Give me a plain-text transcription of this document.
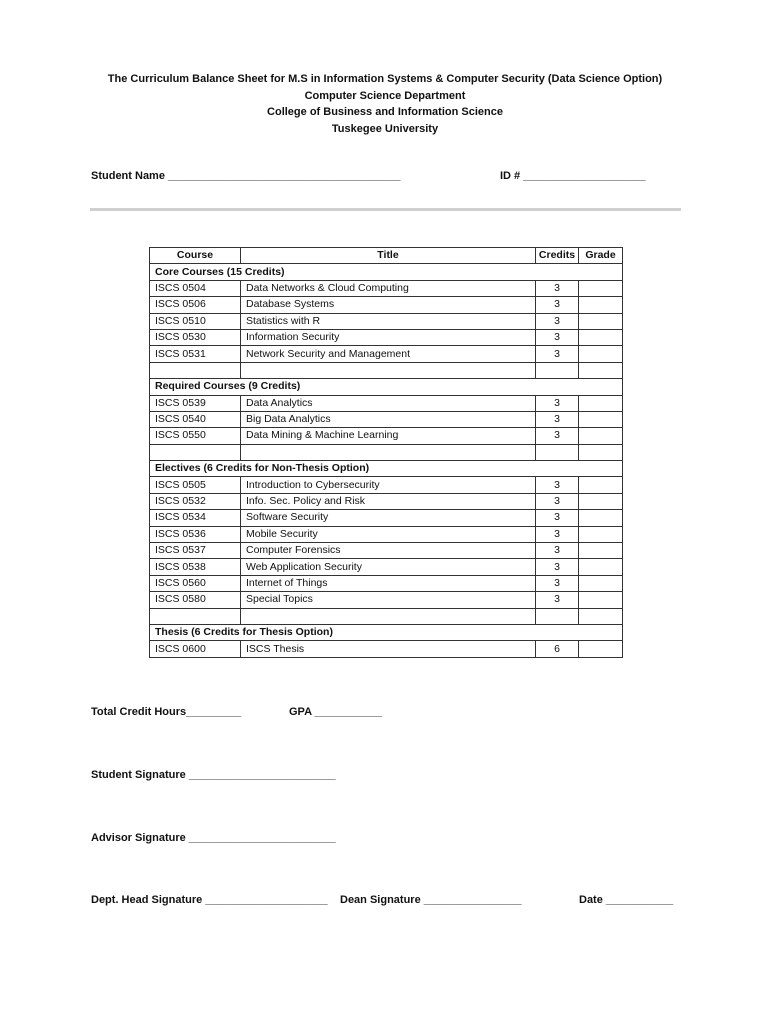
The Curriculum Balance Sheet for M.S in Information Systems & Computer Security (Data Science Option)
Computer Science Department
College of Business and Information Science
Tuskegee University
Student Name ______________________________________	ID # ____________________
Course	Title	Credits	Grade
Core Courses (15 Credits)			
ISCS 0504	Data Networks & Cloud Computing	3	
ISCS 0506	Database Systems	3	
ISCS 0510	Statistics with R	3	
ISCS 0530	Information Security	3	
ISCS 0531	Network Security and Management	3	

Required Courses (9 Credits)			
ISCS 0539	Data Analytics	3	
ISCS 0540	Big Data Analytics	3	
ISCS 0550	Data Mining & Machine Learning	3	

Electives (6 Credits for Non-Thesis Option)			
ISCS 0505	Introduction to Cybersecurity	3	
ISCS 0532	Info. Sec. Policy and Risk	3	
ISCS 0534	Software Security	3	
ISCS 0536	Mobile Security	3	
ISCS 0537	Computer Forensics	3	
ISCS 0538	Web Application Security	3	
ISCS 0560	Internet of Things	3	
ISCS 0580	Special Topics	3	

Thesis (6 Credits for Thesis Option)			
ISCS 0600	ISCS Thesis	6	
Total Credit Hours_________	GPA ___________
Student Signature ________________________
Advisor Signature ________________________
Dept. Head Signature ____________________ Dean Signature ________________	Date ___________
